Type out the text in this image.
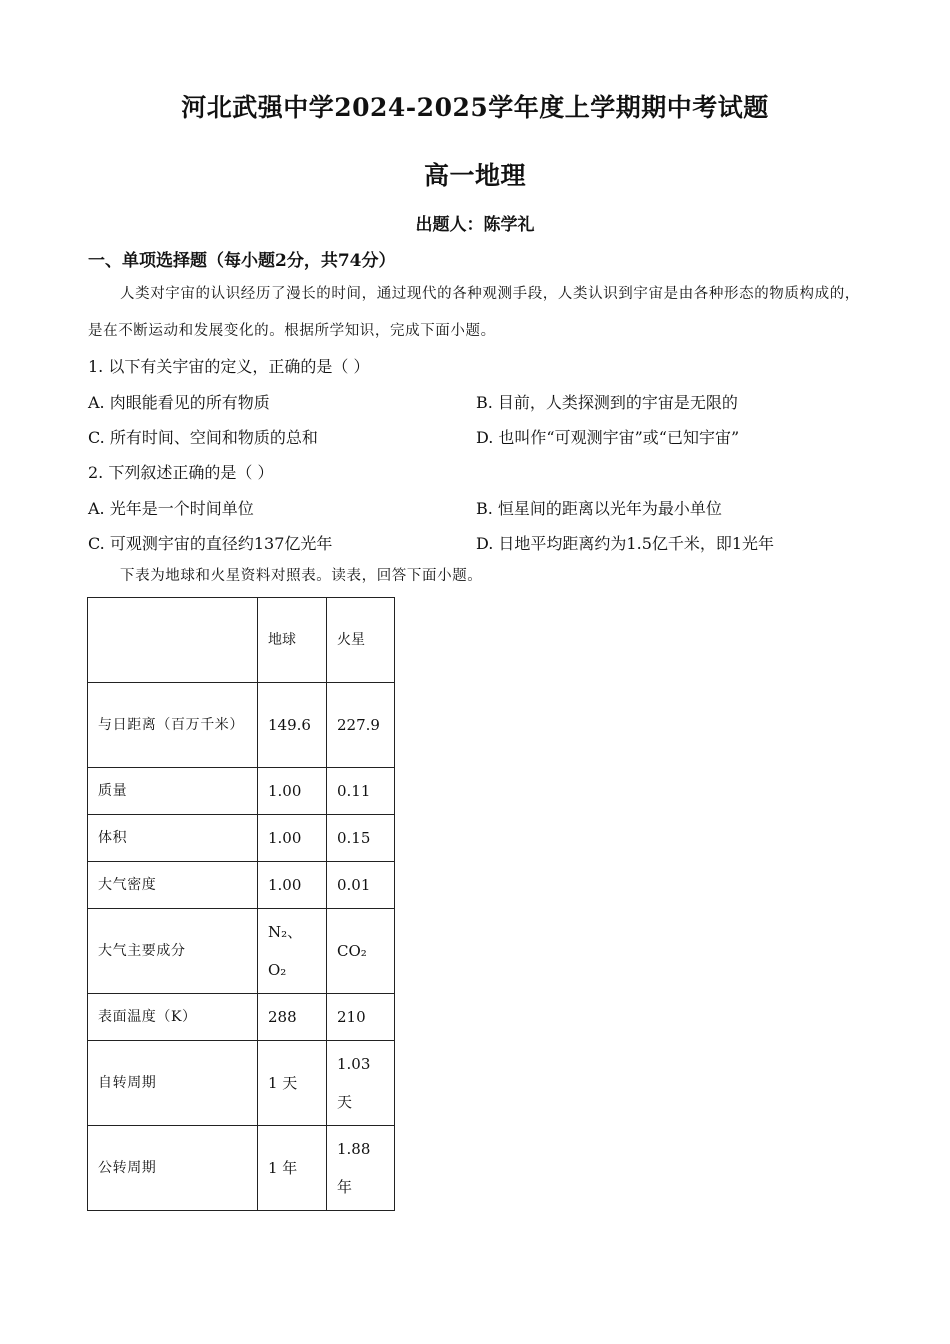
河北武强中学2024-2025学年度上学期期中考试题
高一地理
出题人：陈学礼
一、单项选择题（每小题2分，共74分）
人类对宇宙的认识经历了漫长的时间，通过现代的各种观测手段，人类认识到宇宙是由各种形态的物质构成的，是在不断运动和发展变化的。根据所学知识，完成下面小题。
1. 以下有关宇宙的定义，正确的是（ ）
A. 肉眼能看见的所有物质	B. 目前，人类探测到的宇宙是无限的
C. 所有时间、空间和物质的总和	D. 也叫作“可观测宇宙”或“已知宇宙”
2. 下列叙述正确的是（ ）
A. 光年是一个时间单位	B. 恒星间的距离以光年为最小单位
C. 可观测宇宙的直径约137亿光年	D. 日地平均距离约为1.5亿千米，即1光年
下表为地球和火星资料对照表。读表，回答下面小题。
	地球	火星
与日距离（百万千米）	149.6	227.9
质量	1.00	0.11
体积	1.00	0.15
大气密度	1.00	0.01
大气主要成分	N₂、O₂	CO₂
表面温度（K）	288	210
自转周期	1 天	1.03天
公转周期	1 年	1.88年
